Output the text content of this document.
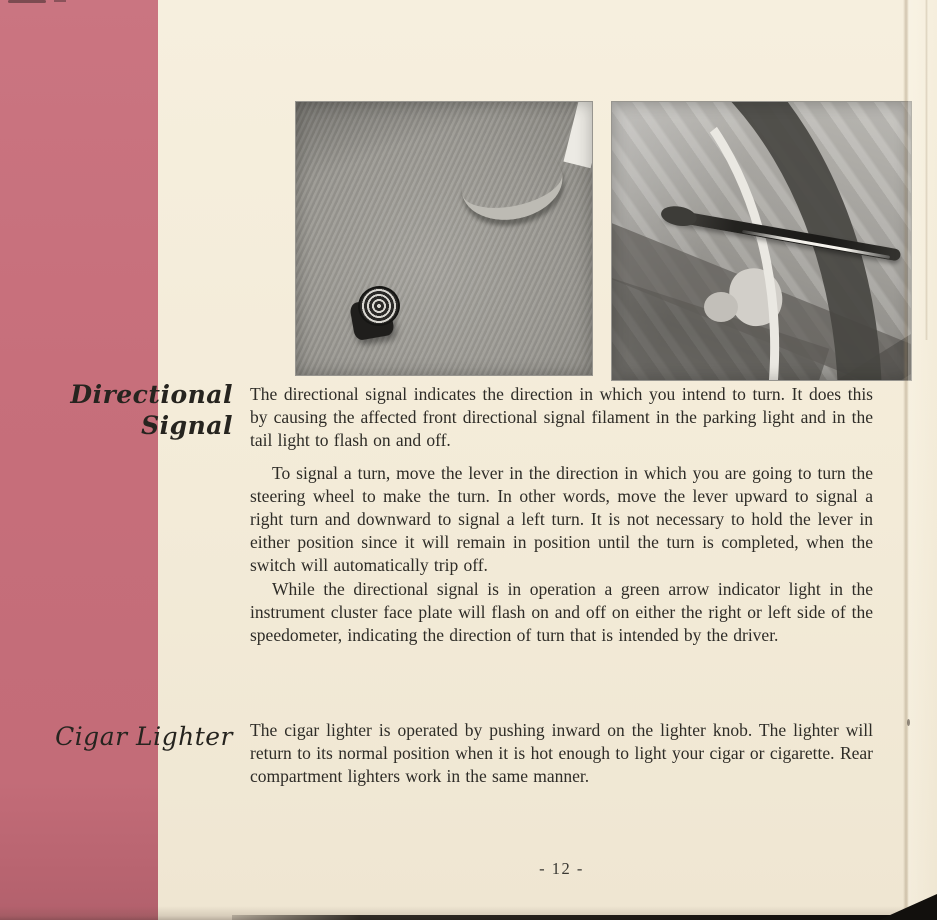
Directional
Signal

The directional signal indicates the direction in which you intend to turn. It does this by causing the affected front directional signal filament in the parking light and in the tail light to flash on and off.

To signal a turn, move the lever in the direction in which you are going to turn the steering wheel to make the turn. In other words, move the lever upward to signal a right turn and downward to signal a left turn. It is not necessary to hold the lever in either position since it will remain in position until the turn is completed, when the switch will automatically trip off.

While the directional signal is in operation a green arrow indicator light in the instrument cluster face plate will flash on and off on either the right or left side of the speedometer, indicating the direction of turn that is intended by the driver.

Cigar Lighter The cigar lighter is operated by pushing inward on the lighter knob. The lighter will return to its normal position when it is hot enough to light your cigar or cigarette. Rear compartment lighters work in the same manner.

- 12 -
